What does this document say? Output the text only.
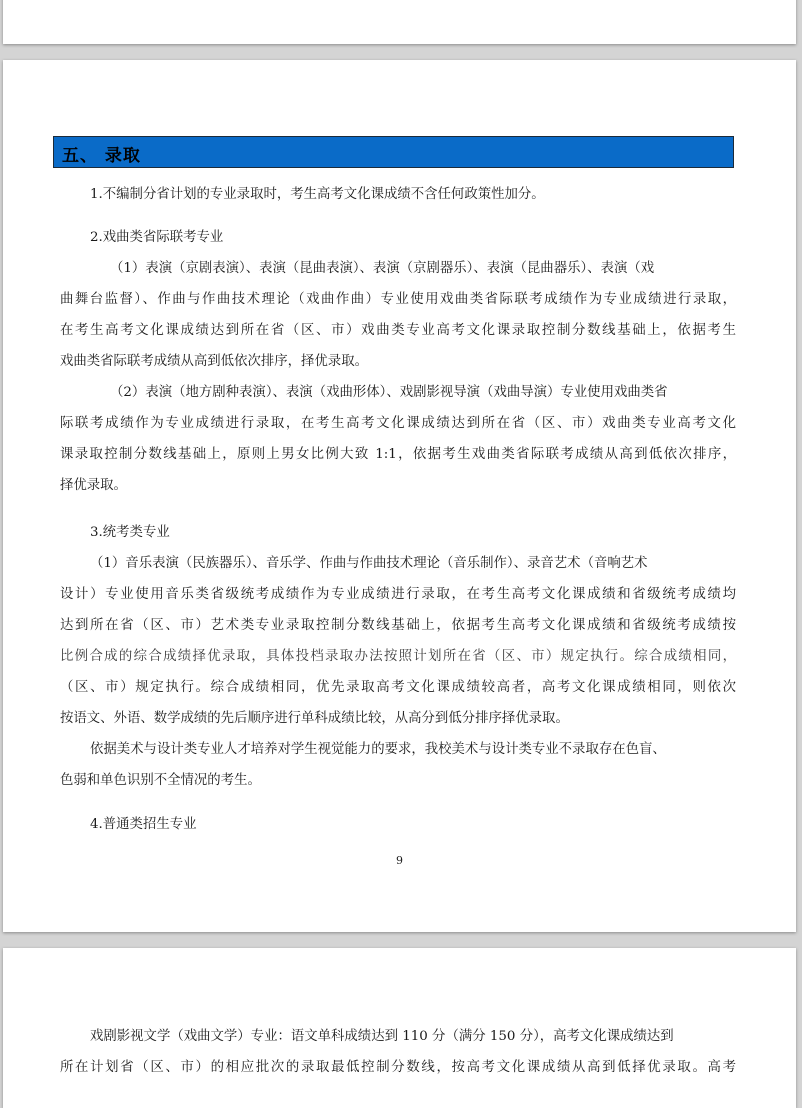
五、 录取
1.不编制分省计划的专业录取时，考生高考文化课成绩不含任何政策性加分。
2.戏曲类省际联考专业
（1）表演（京剧表演）、表演（昆曲表演）、表演（京剧器乐）、表演（昆曲器乐）、表演（戏
曲舞台监督）、作曲与作曲技术理论（戏曲作曲）专业使用戏曲类省际联考成绩作为专业成绩进行录取，
在考生高考文化课成绩达到所在省（区、市）戏曲类专业高考文化课录取控制分数线基础上，依据考生
戏曲类省际联考成绩从高到低依次排序，择优录取。
（2）表演（地方剧种表演）、表演（戏曲形体）、戏剧影视导演（戏曲导演）专业使用戏曲类省
际联考成绩作为专业成绩进行录取，在考生高考文化课成绩达到所在省（区、市）戏曲类专业高考文化
课录取控制分数线基础上，原则上男女比例大致 1:1，依据考生戏曲类省际联考成绩从高到低依次排序，
择优录取。
3.统考类专业
（1）音乐表演（民族器乐）、音乐学、作曲与作曲技术理论（音乐制作）、录音艺术（音响艺术
设计）专业使用音乐类省级统考成绩作为专业成绩进行录取，在考生高考文化课成绩和省级统考成绩均
达到所在省（区、市）艺术类专业录取控制分数线基础上，依据考生高考文化课成绩和省级统考成绩按
比例合成的综合成绩择优录取，具体投档录取办法按照计划所在省（区、市）规定执行。综合成绩相同，
（区、市）规定执行。综合成绩相同，优先录取高考文化课成绩较高者，高考文化课成绩相同，则依次
按语文、外语、数学成绩的先后顺序进行单科成绩比较，从高分到低分排序择优录取。
依据美术与设计类专业人才培养对学生视觉能力的要求，我校美术与设计类专业不录取存在色盲、
色弱和单色识别不全情况的考生。
4.普通类招生专业
9
戏剧影视文学（戏曲文学）专业：语文单科成绩达到 110 分（满分 150 分），高考文化课成绩达到
所在计划省（区、市）的相应批次的录取最低控制分数线，按高考文化课成绩从高到低择优录取。高考
